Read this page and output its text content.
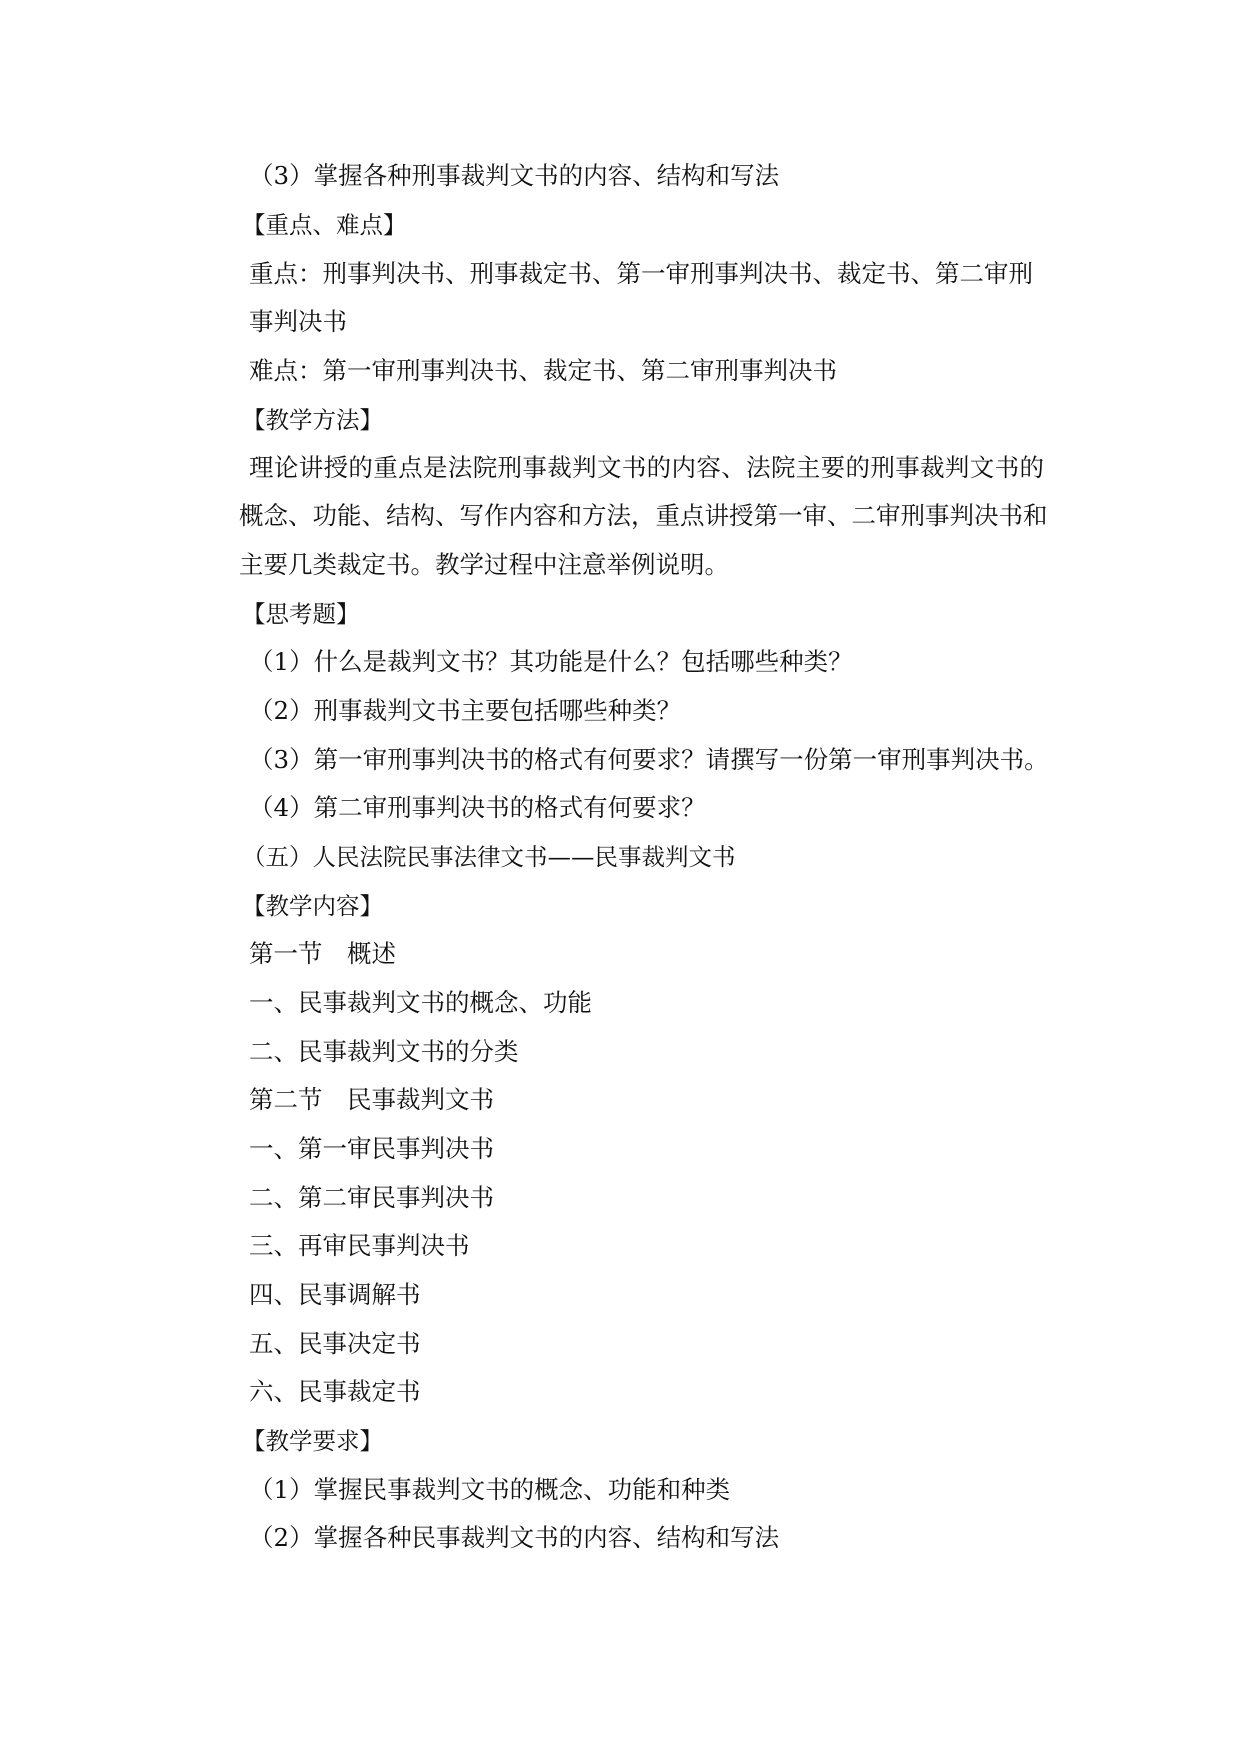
（3）掌握各种刑事裁判文书的内容、结构和写法
【重点、难点】
重点：刑事判决书、刑事裁定书、第一审刑事判决书、裁定书、第二审刑
事判决书
难点：第一审刑事判决书、裁定书、第二审刑事判决书
【教学方法】
理论讲授的重点是法院刑事裁判文书的内容、法院主要的刑事裁判文书的
概念、功能、结构、写作内容和方法，重点讲授第一审、二审刑事判决书和
主要几类裁定书。教学过程中注意举例说明。
【思考题】
（1）什么是裁判文书？其功能是什么？包括哪些种类？
（2）刑事裁判文书主要包括哪些种类？
（3）第一审刑事判决书的格式有何要求？请撰写一份第一审刑事判决书。
（4）第二审刑事判决书的格式有何要求？
（五）人民法院民事法律文书——民事裁判文书
【教学内容】
第一节　概述
一、民事裁判文书的概念、功能
二、民事裁判文书的分类
第二节　民事裁判文书
一、第一审民事判决书
二、第二审民事判决书
三、再审民事判决书
四、民事调解书
五、民事决定书
六、民事裁定书
【教学要求】
（1）掌握民事裁判文书的概念、功能和种类
（2）掌握各种民事裁判文书的内容、结构和写法
